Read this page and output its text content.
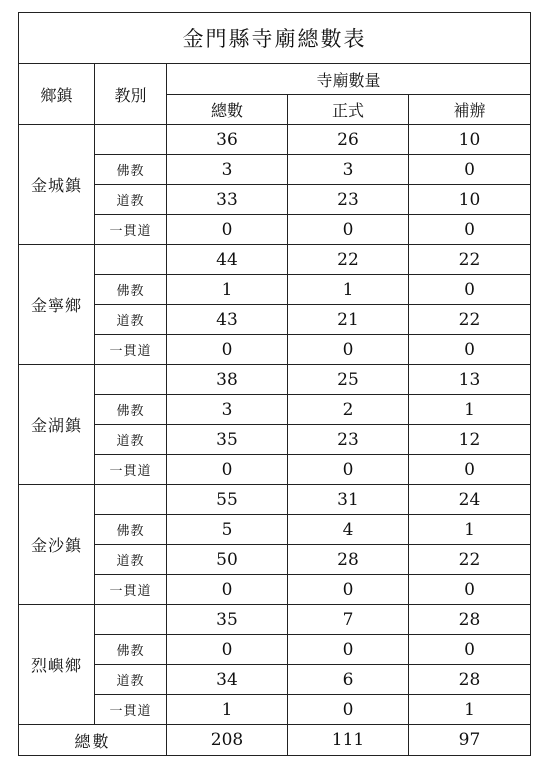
金門縣寺廟總數表				
鄉鎮	教別	寺廟數量		
		總數	正式	補辦
金城鎮		36	26	10
	佛教	3	3	0
	道教	33	23	10
	一貫道	0	0	0
金寧鄉		44	22	22
	佛教	1	1	0
	道教	43	21	22
	一貫道	0	0	0
金湖鎮		38	25	13
	佛教	3	2	1
	道教	35	23	12
	一貫道	0	0	0
金沙鎮		55	31	24
	佛教	5	4	1
	道教	50	28	22
	一貫道	0	0	0
烈嶼鄉		35	7	28
	佛教	0	0	0
	道教	34	6	28
	一貫道	1	0	1
總數		208	111	97
